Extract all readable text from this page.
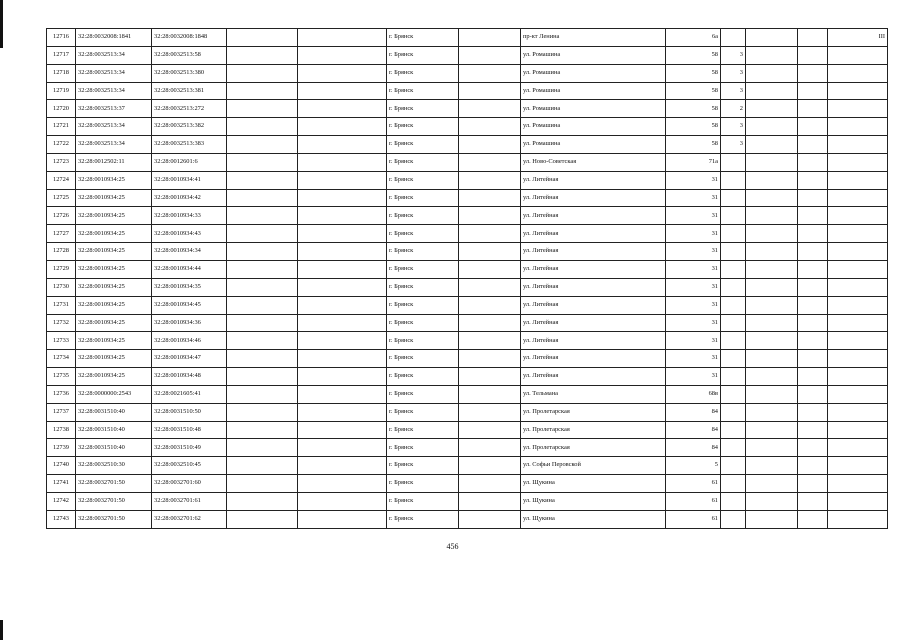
12716	32:28:0032008:1841	32:28:0032008:1848			г. Брянск		пр-кт Ленина	6а				III
12717	32:28:0032513:34	32:28:0032513:58			г. Брянск		ул. Ромашина	58	3			
12718	32:28:0032513:34	32:28:0032513:380			г. Брянск		ул. Ромашина	58	3			
12719	32:28:0032513:34	32:28:0032513:381			г. Брянск		ул. Ромашина	58	3			
12720	32:28:0032513:37	32:28:0032513:272			г. Брянск		ул. Ромашина	58	2			
12721	32:28:0032513:34	32:28:0032513:382			г. Брянск		ул. Ромашина	58	3			
12722	32:28:0032513:34	32:28:0032513:383			г. Брянск		ул. Ромашина	58	3			
12723	32:28:0012502:11	32:28:0012601:6			г. Брянск		ул. Ново-Советская	71а				
12724	32:28:0010934:25	32:28:0010934:41			г. Брянск		ул. Литейная	31				
12725	32:28:0010934:25	32:28:0010934:42			г. Брянск		ул. Литейная	31				
12726	32:28:0010934:25	32:28:0010934:33			г. Брянск		ул. Литейная	31				
12727	32:28:0010934:25	32:28:0010934:43			г. Брянск		ул. Литейная	31				
12728	32:28:0010934:25	32:28:0010934:34			г. Брянск		ул. Литейная	31				
12729	32:28:0010934:25	32:28:0010934:44			г. Брянск		ул. Литейная	31				
12730	32:28:0010934:25	32:28:0010934:35			г. Брянск		ул. Литейная	31				
12731	32:28:0010934:25	32:28:0010934:45			г. Брянск		ул. Литейная	31				
12732	32:28:0010934:25	32:28:0010934:36			г. Брянск		ул. Литейная	31				
12733	32:28:0010934:25	32:28:0010934:46			г. Брянск		ул. Литейная	31				
12734	32:28:0010934:25	32:28:0010934:47			г. Брянск		ул. Литейная	31				
12735	32:28:0010934:25	32:28:0010934:48			г. Брянск		ул. Литейная	31				
12736	32:28:0000000:2543	32:28:0021605:41			г. Брянск		ул. Тельмана	68в				
12737	32:28:0031510:40	32:28:0031510:50			г. Брянск		ул. Пролетарская	84				
12738	32:28:0031510:40	32:28:0031510:48			г. Брянск		ул. Пролетарская	84				
12739	32:28:0031510:40	32:28:0031510:49			г. Брянск		ул. Пролетарская	84				
12740	32:28:0032510:30	32:28:0032510:45			г. Брянск		ул. Софьи Перовской	5				
12741	32:28:0032701:50	32:28:0032701:60			г. Брянск		ул. Щукина	61				
12742	32:28:0032701:50	32:28:0032701:61			г. Брянск		ул. Щукина	61				
12743	32:28:0032701:50	32:28:0032701:62			г. Брянск		ул. Щукина	61				
456
